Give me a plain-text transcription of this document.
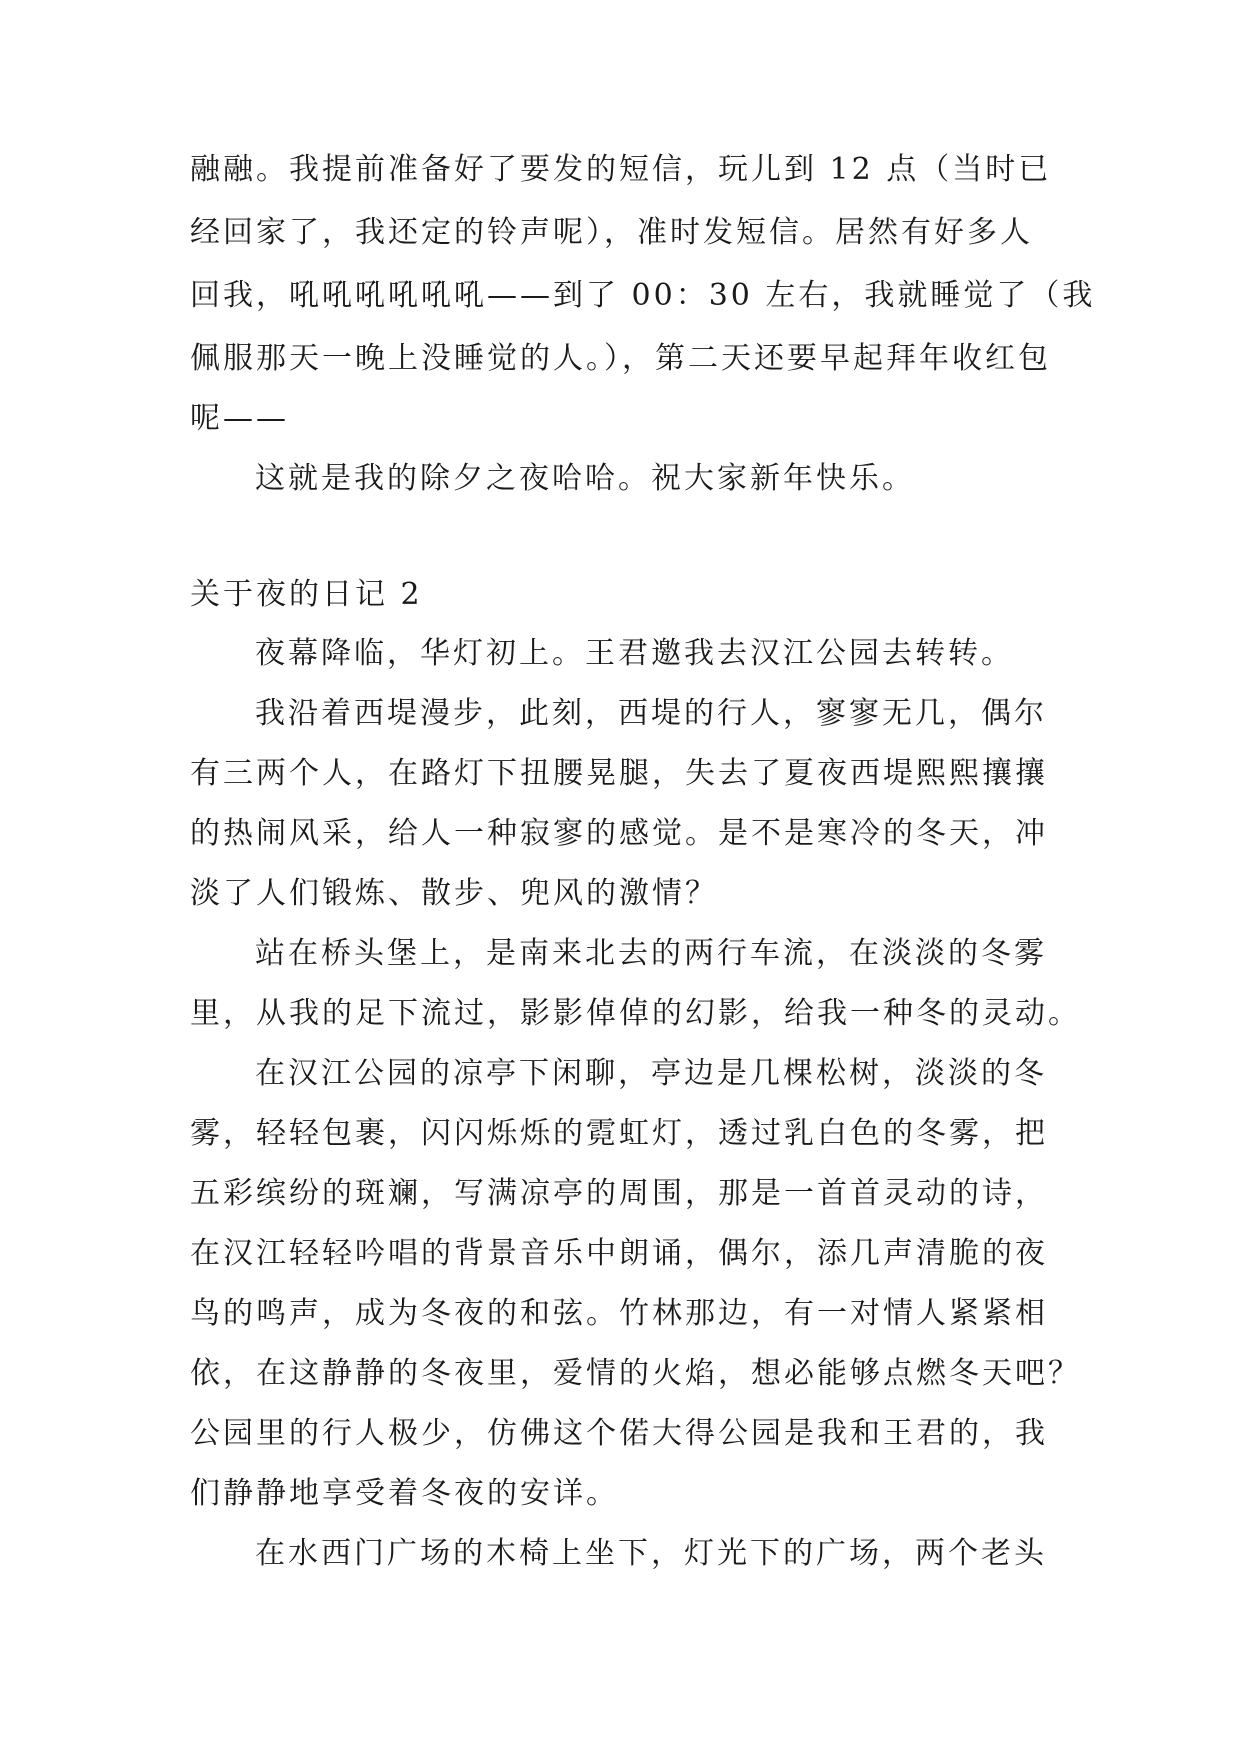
融融。我提前准备好了要发的短信，玩儿到 12 点（当时已
经回家了，我还定的铃声呢），准时发短信。居然有好多人
回我，吼吼吼吼吼吼——到了 00：30 左右，我就睡觉了（我
佩服那天一晚上没睡觉的人。），第二天还要早起拜年收红包
呢——
这就是我的除夕之夜哈哈。祝大家新年快乐。
关于夜的日记 2
夜幕降临，华灯初上。王君邀我去汉江公园去转转。
我沿着西堤漫步，此刻，西堤的行人，寥寥无几，偶尔
有三两个人，在路灯下扭腰晃腿，失去了夏夜西堤熙熙攘攘
的热闹风采，给人一种寂寥的感觉。是不是寒冷的冬天，冲
淡了人们锻炼、散步、兜风的激情？
站在桥头堡上，是南来北去的两行车流，在淡淡的冬雾
里，从我的足下流过，影影倬倬的幻影，给我一种冬的灵动。
在汉江公园的凉亭下闲聊，亭边是几棵松树，淡淡的冬
雾，轻轻包裹，闪闪烁烁的霓虹灯，透过乳白色的冬雾，把
五彩缤纷的斑斓，写满凉亭的周围，那是一首首灵动的诗，
在汉江轻轻吟唱的背景音乐中朗诵，偶尔，添几声清脆的夜
鸟的鸣声，成为冬夜的和弦。竹林那边，有一对情人紧紧相
依，在这静静的冬夜里，爱情的火焰，想必能够点燃冬天吧？
公园里的行人极少，仿佛这个偌大得公园是我和王君的，我
们静静地享受着冬夜的安详。
在水西门广场的木椅上坐下，灯光下的广场，两个老头
